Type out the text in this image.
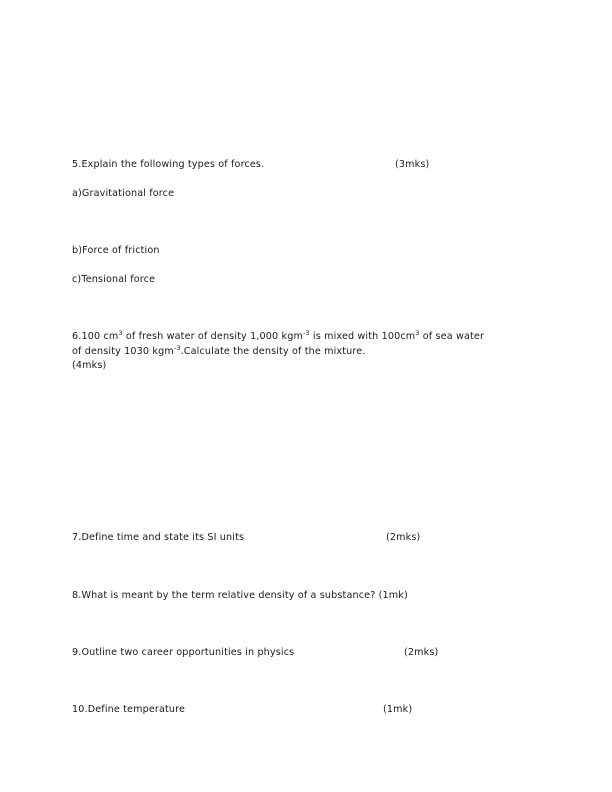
5.Explain the following types of forces.	(3mks)
a)Gravitational force
b)Force of friction
c)Tensional force
6.100 $cm^3$ of fresh water of density 1,000 kgm$^{-3}$ is mixed with $100cm^3$ of sea water
of density 1030 kgm$^{-3}$.Calculate the density of the mixture.
(4mks)
7.Define time and state its SI units	(2mks)
8.What is meant by the term relative density of a substance? (1mk)
9.Outline two career opportunities in physics	(2mks)
10.Define temperature	(1mk)
